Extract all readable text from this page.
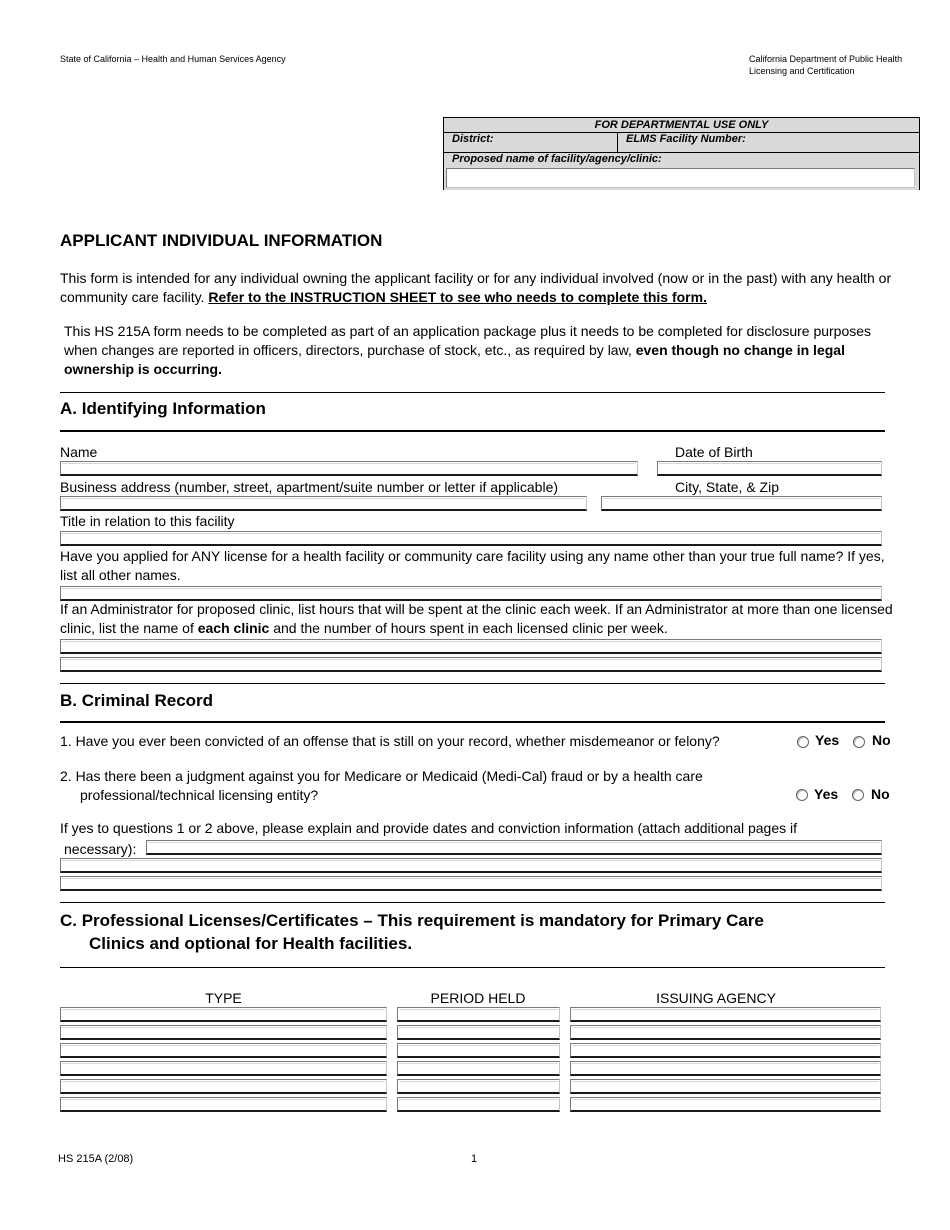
State of California – Health and Human Services Agency	California Department of Public Health
Licensing and Certification
FOR DEPARTMENTAL USE ONLY
District:	ELMS Facility Number:
Proposed name of facility/agency/clinic:
APPLICANT INDIVIDUAL INFORMATION
This form is intended for any individual owning the applicant facility or for any individual involved (now or in the past) with any health or community care facility. Refer to the INSTRUCTION SHEET to see who needs to complete this form.
This HS 215A form needs to be completed as part of an application package plus it needs to be completed for disclosure purposes when changes are reported in officers, directors, purchase of stock, etc., as required by law, even though no change in legal ownership is occurring.
A. Identifying Information
Name	Date of Birth
Business address (number, street, apartment/suite number or letter if applicable)	City, State, & Zip
Title in relation to this facility
Have you applied for ANY license for a health facility or community care facility using any name other than your true full name? If yes, list all other names.
If an Administrator for proposed clinic, list hours that will be spent at the clinic each week. If an Administrator at more than one licensed clinic, list the name of each clinic and the number of hours spent in each licensed clinic per week.
B. Criminal Record
1. Have you ever been convicted of an offense that is still on your record, whether misdemeanor or felony?	Yes No
2. Has there been a judgment against you for Medicare or Medicaid (Medi-Cal) fraud or by a health care
professional/technical licensing entity?	Yes No
If yes to questions 1 or 2 above, please explain and provide dates and conviction information (attach additional pages if
necessary):
C. Professional Licenses/Certificates – This requirement is mandatory for Primary Care
Clinics and optional for Health facilities.
TYPE	PERIOD HELD	ISSUING AGENCY
HS 215A (2/08)	1
